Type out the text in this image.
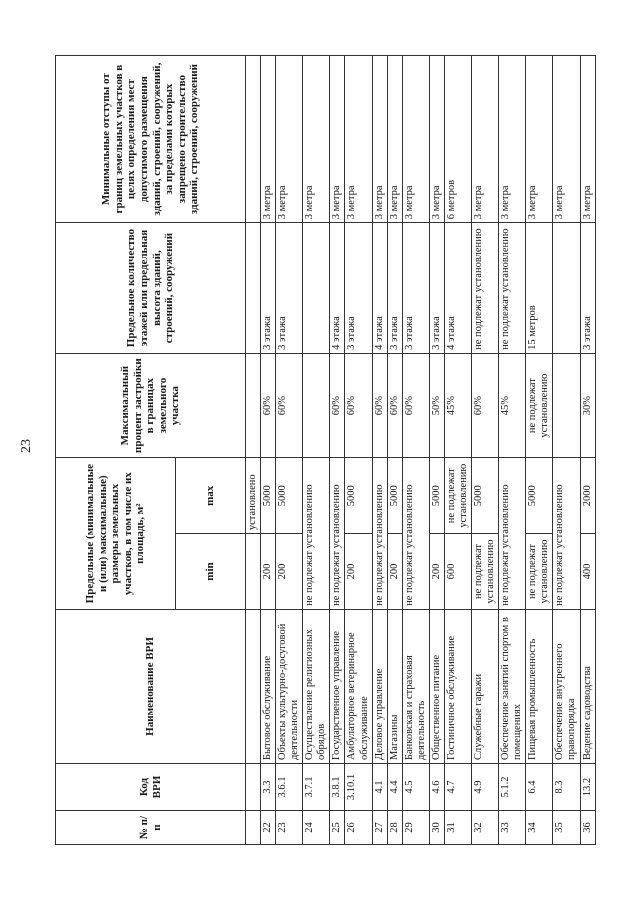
23
№ п/п	Код ВРИ	Наименование ВРИ	Предельные (минимальные и (или) максимальные) размеры земельных участков, в том числе их площадь, м²		Максимальный процент застройки в границах земельного участка	Предельное количество этажей или предельная высота зданий, строений, сооружений	Минимальные отступы от границ земельных участков в целях определения мест допустимого размещения зданий, строений, сооружений, за пределами которых запрещено строительство зданий, строений, сооружений
			min	max			
				установлено			
22	3.3	Бытовое обслуживание	200	5000	60%	3 этажа	3 метра
23	3.6.1	Объекты культурно-досуговой деятельности	200	5000	60%	3 этажа	3 метра
24	3.7.1	Осуществление религиозных обрядов	не подлежат установлению				3 метра
25	3.8.1	Государственное управление	не подлежат установлению		60%	4 этажа	3 метра
26	3.10.1	Амбулаторное ветеринарное обслуживание	200	5000	60%	3 этажа	3 метра
27	4.1	Деловое управление	не подлежат установлению		60%	4 этажа	3 метра
28	4.4	Магазины	200	5000	60%	3 этажа	3 метра
29	4.5	Банковская и страховая деятельность	не подлежат установлению		60%	3 этажа	3 метра
30	4.6	Общественное питание	200	5000	50%	3 этажа	3 метра
31	4.7	Гостиничное обслуживание	600	не подлежат установлению	45%	4 этажа	6 метров
32	4.9	Служебные гаражи	не подлежат установлению	5000	60%	не подлежат установлению	3 метра
33	5.1.2	Обеспечение занятий спортом в помещениях	не подлежат установлению		45%	не подлежат установлению	3 метра
34	6.4	Пищевая промышленность	не подлежат установлению	5000	не подлежат установлению	15 метров	3 метра
35	8.3	Обеспечение внутреннего правопорядка	не подлежат установлению				3 метра
36	13.2	Ведение садоводства	400	2000	30%	3 этажа	3 метра
